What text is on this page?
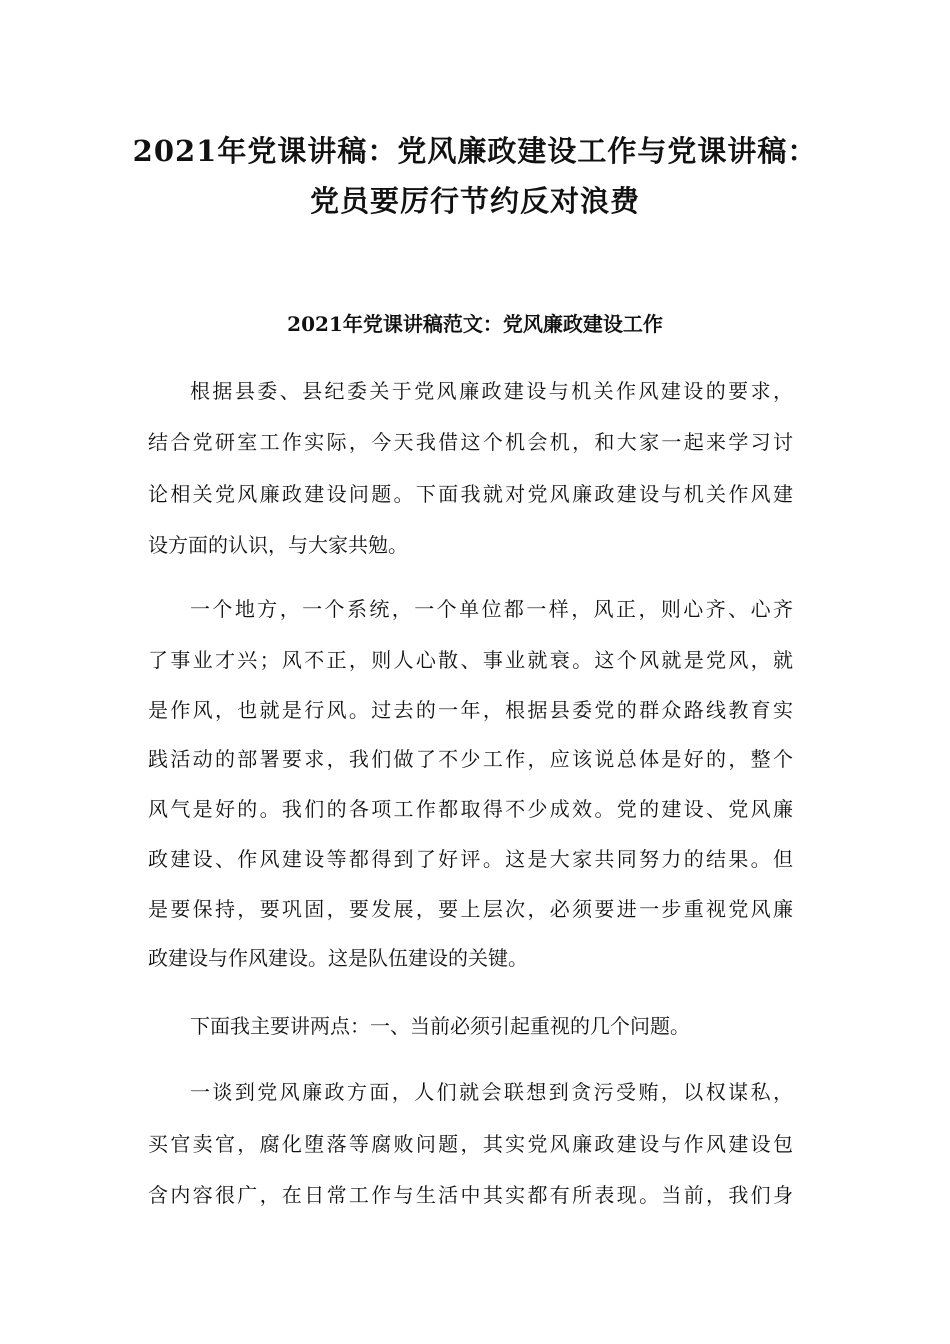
2021年党课讲稿：党风廉政建设工作与党课讲稿：
党员要厉行节约反对浪费
2021年党课讲稿范文：党风廉政建设工作
根据县委、县纪委关于党风廉政建设与机关作风建设的要求，
结合党研室工作实际，今天我借这个机会机，和大家一起来学习讨
论相关党风廉政建设问题。下面我就对党风廉政建设与机关作风建
设方面的认识，与大家共勉。
一个地方，一个系统，一个单位都一样，风正，则心齐、心齐
了事业才兴；风不正，则人心散、事业就衰。这个风就是党风，就
是作风，也就是行风。过去的一年，根据县委党的群众路线教育实
践活动的部署要求，我们做了不少工作，应该说总体是好的，整个
风气是好的。我们的各项工作都取得不少成效。党的建设、党风廉
政建设、作风建设等都得到了好评。这是大家共同努力的结果。但
是要保持，要巩固，要发展，要上层次，必须要进一步重视党风廉
政建设与作风建设。这是队伍建设的关键。
下面我主要讲两点：一、当前必须引起重视的几个问题。
一谈到党风廉政方面，人们就会联想到贪污受贿，以权谋私，
买官卖官，腐化堕落等腐败问题，其实党风廉政建设与作风建设包
含内容很广，在日常工作与生活中其实都有所表现。当前，我们身
